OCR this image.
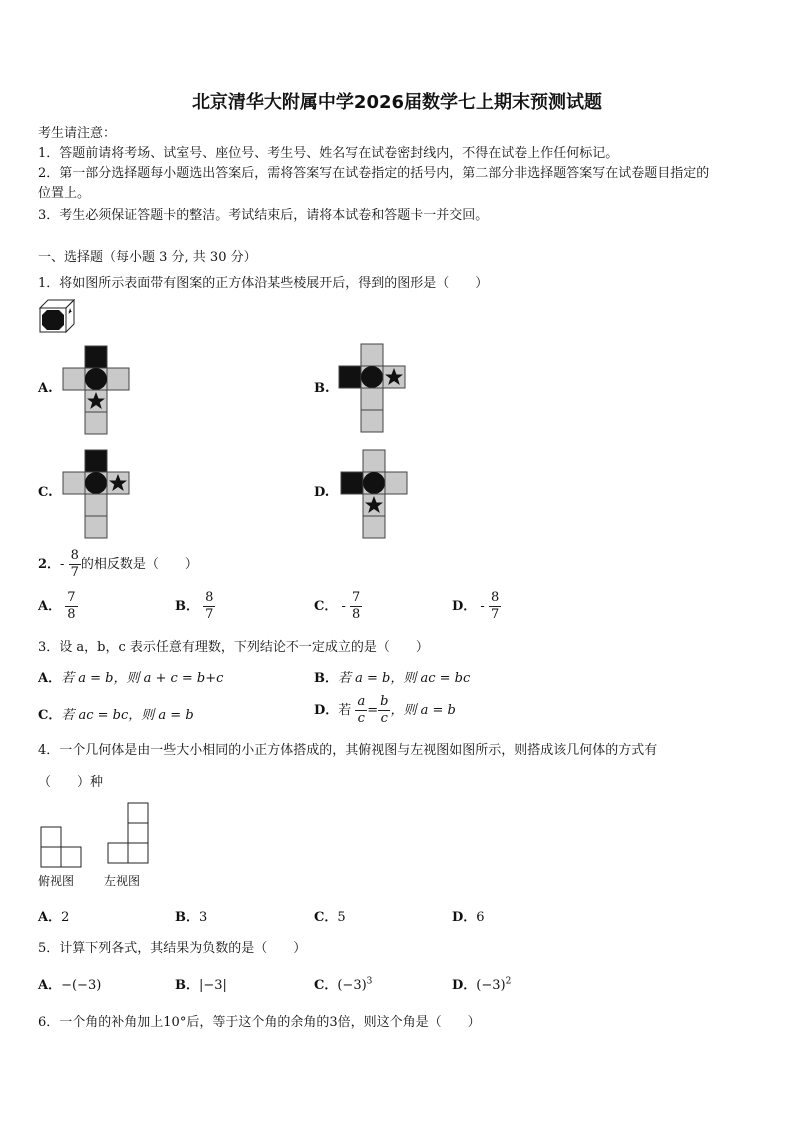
北京清华大附属中学2026届数学七上期末预测试题
考生请注意：
1．答题前请将考场、试室号、座位号、考生号、姓名写在试卷密封线内，不得在试卷上作任何标记。
2．第一部分选择题每小题选出答案后，需将答案写在试卷指定的括号内，第二部分非选择题答案写在试卷题目指定的
位置上。
3．考生必须保证答题卡的整洁。考试结束后，请将本试卷和答题卡一并交回。
一、选择题（每小题 3 分, 共 30 分）
1．将如图所示表面带有图案的正方体沿某些棱展开后，得到的图形是（　　）
A.	B.
C.	D.
2．- $\frac{8}{7}$ 的相反数是（　　）
A． $\frac{7}{8}$	B． $\frac{8}{7}$	C． - $\frac{7}{8}$	D． - $\frac{8}{7}$
3．设 a，b，c 表示任意有理数，下列结论不一定成立的是（　　）
A．若 a = b，则 a + c = b+c	B．若 a = b，则 ac = bc
C．若 ac = bc，则 a = b	D．若 $\frac{a}{c} = \frac{b}{c}$ ，则 a = b
4．一个几何体是由一些大小相同的小正方体搭成的，其俯视图与左视图如图所示，则搭成该几何体的方式有
（　　）种
俯视图 左视图
A．2	B．3	C．5	D．6
5．计算下列各式，其结果为负数的是（　　）
A．−(−3)	B．|−3|	C．$(-3)^3$	D．$(-3)^2$
6．一个角的补角加上10°后，等于这个角的余角的3倍，则这个角是（　　）
